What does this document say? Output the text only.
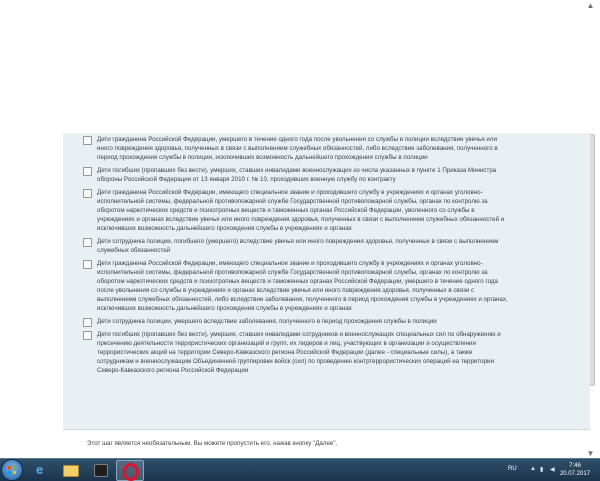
▲
▼
Дети гражданина Российской Федерации, умершего в течение одного года после увольнения со службы в полиции вследствие увечья или иного повреждения здоровья, полученных в связи с выполнением служебных обязанностей, либо вследствие заболевания, полученного в период прохождения службы в полиции, исключивших возможность дальнейшего прохождения службы в полиции
Дети погибших (пропавших без вести), умерших, ставших инвалидами военнослужащих из числа указанных в пункте 1 Приказа Министра обороны Российской Федерации от 13 января 2010 г. № 10, проходивших военную службу по контракту
Дети гражданина Российской Федерации, имеющего специальное звание и проходившего службу в учреждениях и органах уголовно-исполнительной системы, федеральной противопожарной службе Государственной противопожарной службы, органах по контролю за оборотом наркотических средств и психотропных веществ и таможенных органах Российской Федерации, уволенного со службы в учреждениях и органах вследствие увечья или иного повреждения здоровья, полученных в связи с выполнением служебных обязанностей и исключивших возможность дальнейшего прохождения службы в учреждениях и органах
Дети сотрудника полиции, погибшего (умершего) вследствие увечья или иного повреждения здоровья, полученных в связи с выполнением служебных обязанностей
Дети гражданина Российской Федерации, имеющего специальное звание и проходившего службу в учреждениях и органах уголовно-исполнительной системы, федеральной противопожарной службе Государственной противопожарной службы, органах по контролю за оборотом наркотических средств и психотропных веществ и таможенных органах Российской Федерации, умершего в течение одного года после увольнения со службы в учреждениях и органах вследствие увечья или иного повреждения здоровья, полученных в связи с выполнением служебных обязанностей, либо вследствие заболевания, полученного в период прохождения службы в учреждениях и органах, исключивших возможность дальнейшего прохождения службы в учреждениях и органах
Дети сотрудника полиции, умершего вследствие заболевания, полученного в период прохождения службы в полиции
Дети погибших (пропавших без вести), умерших, ставших инвалидами сотрудников и военнослужащих специальных сил по обнаружению и пресечению деятельности террористических организаций и групп, их лидеров и лиц, участвующих в организации и осуществлении террористических акций на территории Северо-Кавказского региона Российской Федерации (далее - специальные силы), а также сотрудникам и военнослужащим Объединенной группировки войск (сил) по проведению контртеррористических операций на территории Северо-Кавказского региона Российской Федерации
Этот шаг является необязательным. Вы можете пропустить его, нажав кнопку "Далее".
e	RU ▲ ▮ ◀
7:46
20.07.2017
